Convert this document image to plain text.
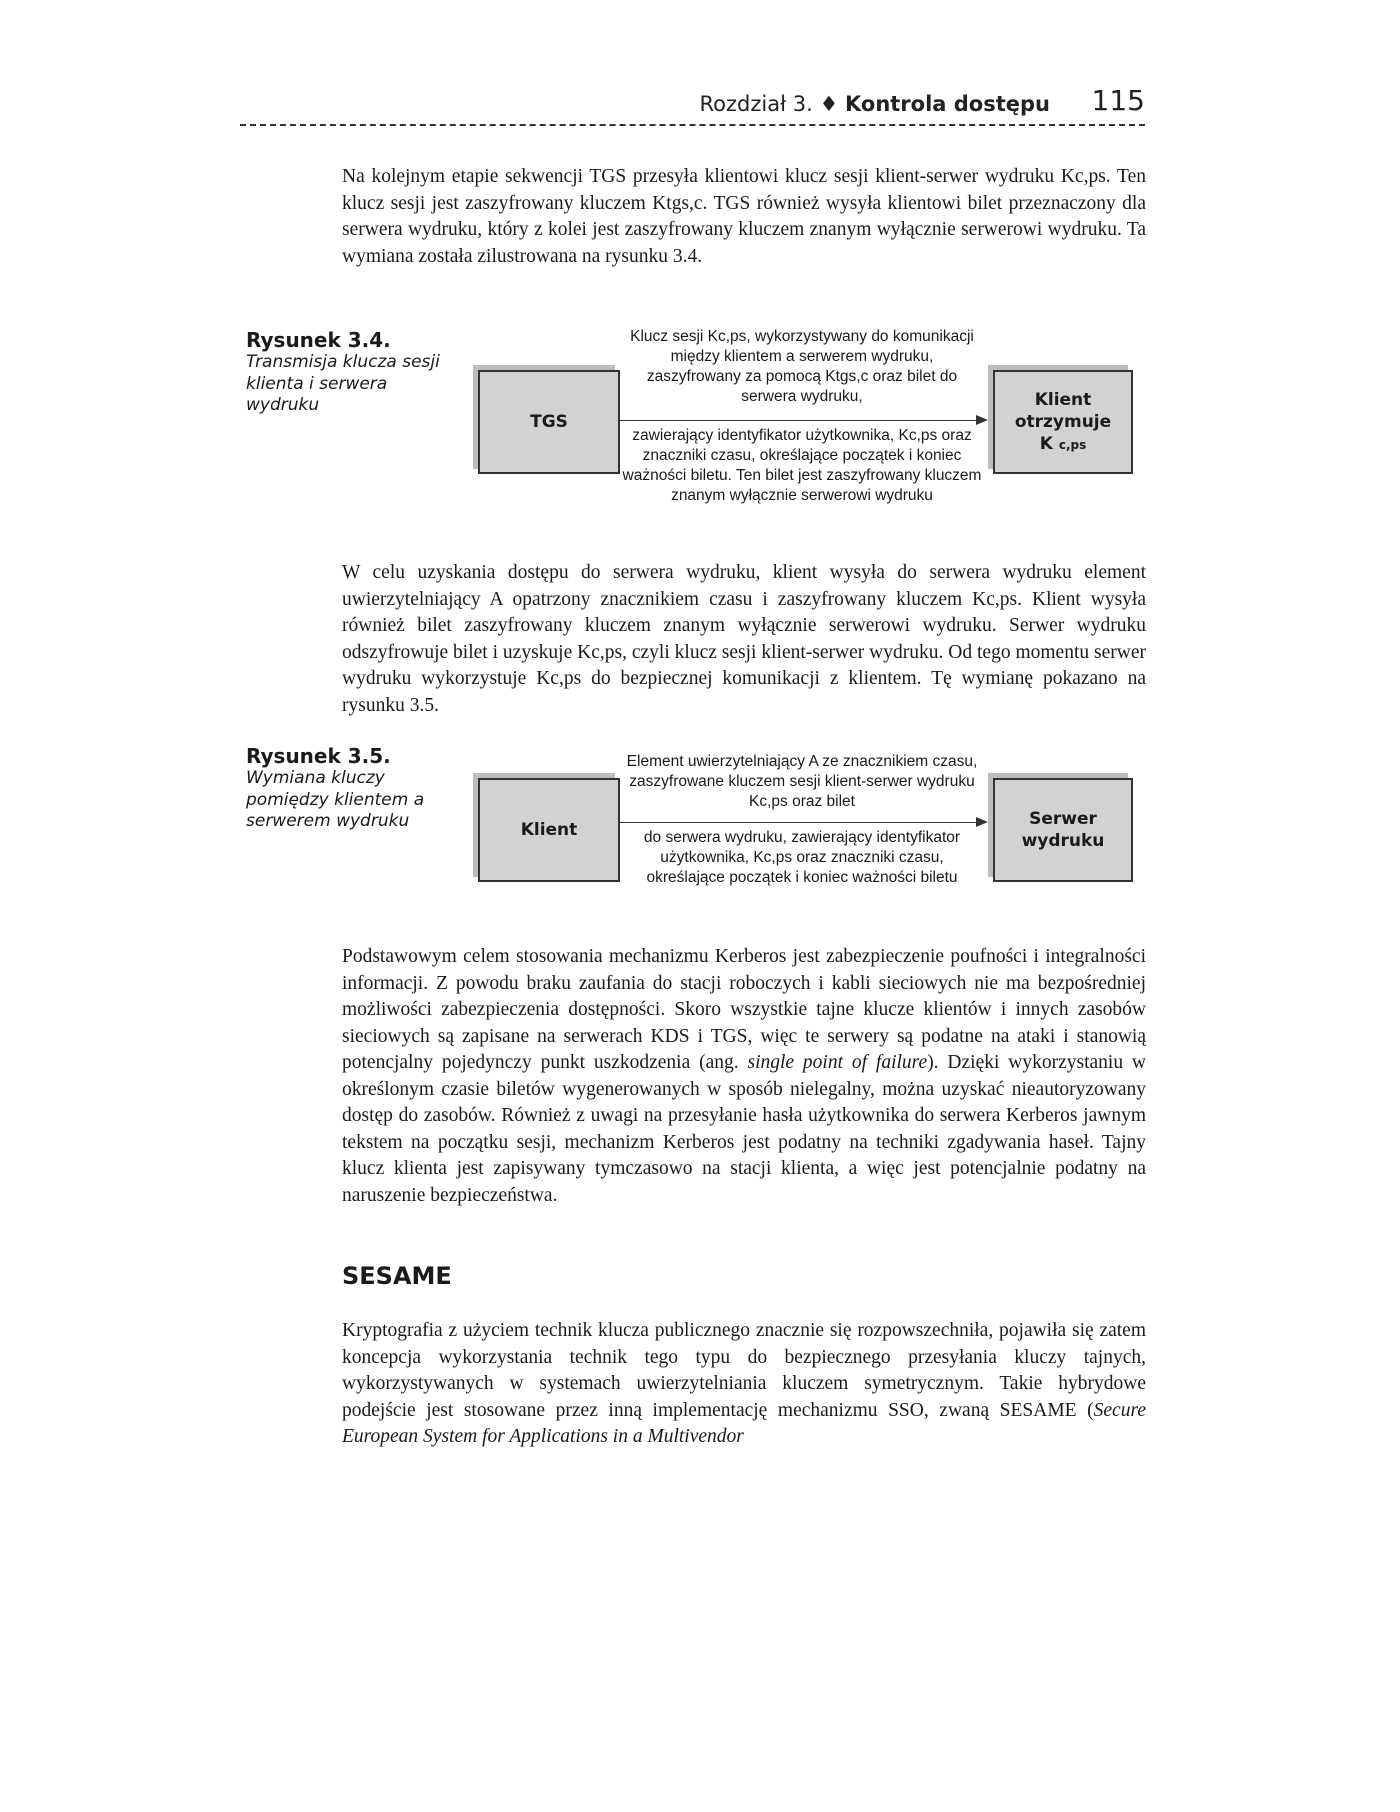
Rozdział 3. ♦ Kontrola dostępu 115

Na kolejnym etapie sekwencji TGS przesyła klientowi klucz sesji klient-serwer wydruku Kc,ps. Ten klucz sesji jest zaszyfrowany kluczem Ktgs,c. TGS również wysyła klientowi bilet przeznaczony dla serwera wydruku, który z kolei jest zaszyfrowany kluczem znanym wyłącznie serwerowi wydruku. Ta wymiana została zilustrowana na rysunku 3.4.

Rysunek 3.4.
Transmisja klucza sesji klienta i serwera wydruku
TGS
Klucz sesji Kc,ps, wykorzystywany do komunikacji między klientem a serwerem wydruku, zaszyfrowany za pomocą Ktgs,c oraz bilet do serwera wydruku,
zawierający identyfikator użytkownika, Kc,ps oraz znaczniki czasu, określające początek i koniec ważności biletu. Ten bilet jest zaszyfrowany kluczem znanym wyłącznie serwerowi wydruku
Klient
otrzymuje
K c,ps

W celu uzyskania dostępu do serwera wydruku, klient wysyła do serwera wydruku element uwierzytelniający A opatrzony znacznikiem czasu i zaszyfrowany kluczem Kc,ps. Klient wysyła również bilet zaszyfrowany kluczem znanym wyłącznie serwerowi wydruku. Serwer wydruku odszyfrowuje bilet i uzyskuje Kc,ps, czyli klucz sesji klient-serwer wydruku. Od tego momentu serwer wydruku wykorzystuje Kc,ps do bezpiecznej komunikacji z klientem. Tę wymianę pokazano na rysunku 3.5.

Rysunek 3.5.
Wymiana kluczy pomiędzy klientem a serwerem wydruku	Klient
Element uwierzytelniający A ze znacznikiem czasu, zaszyfrowane kluczem sesji klient-serwer wydruku Kc,ps oraz bilet
do serwera wydruku, zawierający identyfikator użytkownika, Kc,ps oraz znaczniki czasu, określające początek i koniec ważności biletu
Serwer
wydruku

Podstawowym celem stosowania mechanizmu Kerberos jest zabezpieczenie poufności i integralności informacji. Z powodu braku zaufania do stacji roboczych i kabli sieciowych nie ma bezpośredniej możliwości zabezpieczenia dostępności. Skoro wszystkie tajne klucze klientów i innych zasobów sieciowych są zapisane na serwerach KDS i TGS, więc te serwery są podatne na ataki i stanowią potencjalny pojedynczy punkt uszkodzenia (ang. single point of failure). Dzięki wykorzystaniu w określonym czasie biletów wygenerowanych w sposób nielegalny, można uzyskać nieautoryzowany dostęp do zasobów. Również z uwagi na przesyłanie hasła użytkownika do serwera Kerberos jawnym tekstem na początku sesji, mechanizm Kerberos jest podatny na techniki zgadywania haseł. Tajny klucz klienta jest zapisywany tymczasowo na stacji klienta, a więc jest potencjalnie podatny na naruszenie bezpieczeństwa.

SESAME

Kryptografia z użyciem technik klucza publicznego znacznie się rozpowszechniła, pojawiła się zatem koncepcja wykorzystania technik tego typu do bezpiecznego przesyłania kluczy tajnych, wykorzystywanych w systemach uwierzytelniania kluczem symetrycznym. Takie hybrydowe podejście jest stosowane przez inną implementację mechanizmu SSO, zwaną SESAME (Secure European System for Applications in a Multivendor
